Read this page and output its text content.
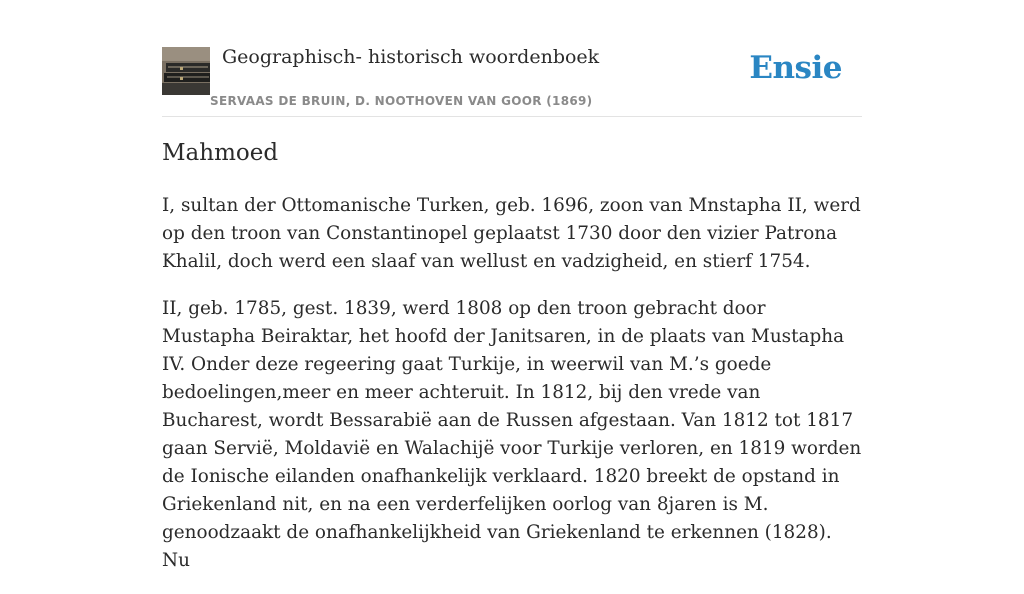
Geographisch- historisch woordenboek
SERVAAS DE BRUIN, D. NOOTHOVEN VAN GOOR (1869)
Ensie
Mahmoed

I, sultan der Ottomanische Turken, geb. 1696, zoon van Mnstapha II, werd op den troon van Constantinopel geplaatst 1730 door den vizier Patrona Khalil, doch werd een slaaf van wellust en vadzigheid, en stierf 1754.

II, geb. 1785, gest. 1839, werd 1808 op den troon gebracht door Mustapha Beiraktar, het hoofd der Janitsaren, in de plaats van Mustapha IV. Onder deze regeering gaat Turkije, in weerwil van M.’s goede bedoelingen,meer en meer achteruit. In 1812, bij den vrede van Bucharest, wordt Bessarabië aan de Russen afgestaan. Van 1812 tot 1817 gaan Servië, Moldavië en Walachijë voor Turkije verloren, en 1819 worden de Ionische eilanden onafhankelijk verklaard. 1820 breekt de opstand in Griekenland nit, en na een verderfelijken oorlog van 8jaren is M. genoodzaakt de onafhankelijkheid van Griekenland te erkennen (1828). Nu
